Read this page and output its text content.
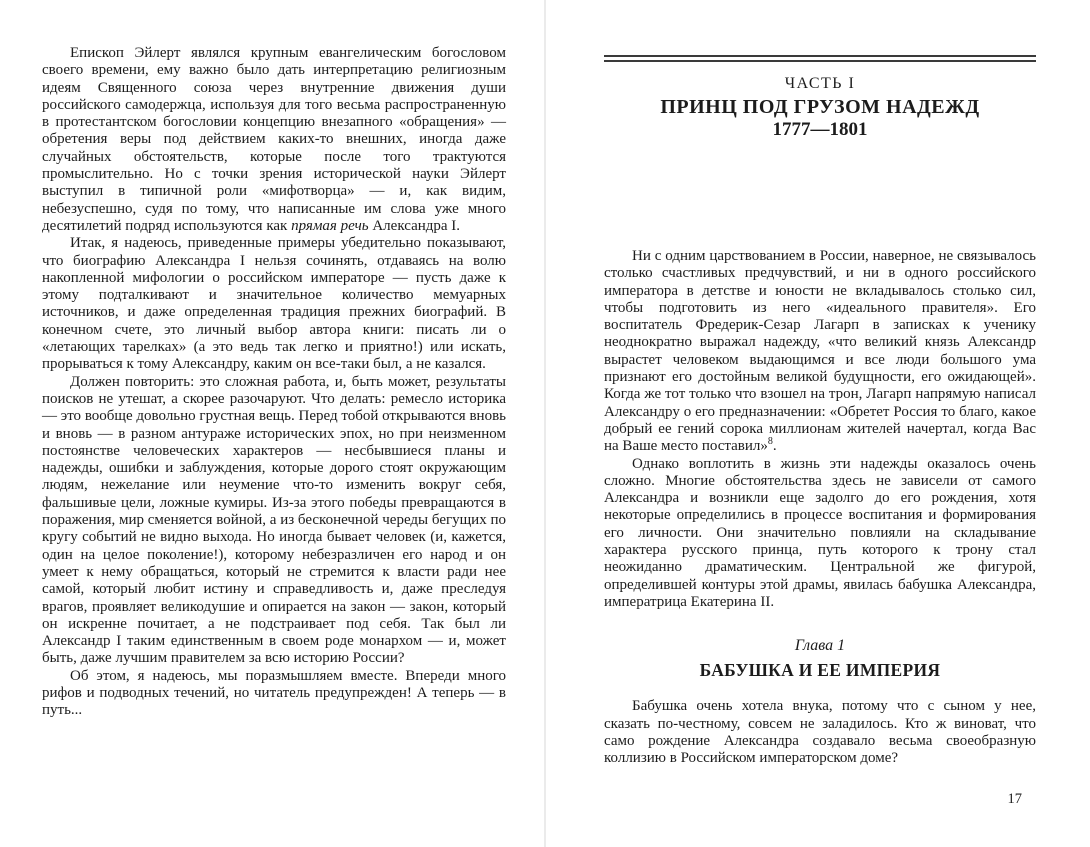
Епископ Эйлерт являлся крупным евангелическим богословом своего времени, ему важно было дать интерпретацию религиозным идеям Священного союза через внутренние движения души российского самодержца, используя для того весьма распространенную в протестантском богословии концепцию внезапного «обращения» — обретения веры под действием каких-то внешних, иногда даже случайных обстоятельств, которые после того трактуются промыслительно. Но с точки зрения исторической науки Эйлерт выступил в типичной роли «мифотворца» — и, как видим, небезуспешно, судя по тому, что написанные им слова уже много десятилетий подряд используются как прямая речь Александра I.

Итак, я надеюсь, приведенные примеры убедительно показывают, что биографию Александра I нельзя сочинять, отдаваясь на волю накопленной мифологии о российском императоре — пусть даже к этому подталкивают и значительное количество мемуарных источников, и даже определенная традиция прежних биографий. В конечном счете, это личный выбор автора книги: писать ли о «летающих тарелках» (а это ведь так легко и приятно!) или искать, прорываться к тому Александру, каким он все-таки был, а не казался.

Должен повторить: это сложная работа, и, быть может, результаты поисков не утешат, а скорее разочаруют. Что делать: ремесло историка — это вообще довольно грустная вещь. Перед тобой открываются вновь и вновь — в разном антураже исторических эпох, но при неизменном постоянстве человеческих характеров — несбывшиеся планы и надежды, ошибки и заблуждения, которые дорого стоят окружающим людям, нежелание или неумение что-то изменить вокруг себя, фальшивые цели, ложные кумиры. Из-за этого победы превращаются в поражения, мир сменяется войной, а из бесконечной череды бегущих по кругу событий не видно выхода. Но иногда бывает человек (и, кажется, один на целое поколение!), которому небезразличен его народ и он умеет к нему обращаться, который не стремится к власти ради нее самой, который любит истину и справедливость и, даже преследуя врагов, проявляет великодушие и опирается на закон — закон, который он искренне почитает, а не подстраивает под себя. Так был ли Александр I таким единственным в своем роде монархом — и, может быть, даже лучшим правителем за всю историю России?

Об этом, я надеюсь, мы поразмышляем вместе. Впереди много рифов и подводных течений, но читатель предупрежден! А теперь — в путь...

ЧАСТЬ I
ПРИНЦ ПОД ГРУЗОМ НАДЕЖД
1777—1801

Ни с одним царствованием в России, наверное, не связывалось столько счастливых предчувствий, и ни в одного российского императора в детстве и юности не вкладывалось столько сил, чтобы подготовить из него «идеального правителя». Его воспитатель Фредерик-Сезар Лагарп в записках к ученику неоднократно выражал надежду, «что великий князь Александр вырастет человеком выдающимся и все люди большого ума признают его достойным великой будущности, его ожидающей». Когда же тот только что взошел на трон, Лагарп напрямую написал Александру о его предназначении: «Обретет Россия то благо, какое добрый ее гений сорока миллионам жителей начертал, когда Вас на Ваше место поставил»$^8$.

Однако воплотить в жизнь эти надежды оказалось очень сложно. Многие обстоятельства здесь не зависели от самого Александра и возникли еще задолго до его рождения, хотя некоторые определились в процессе воспитания и формирования его личности. Они значительно повлияли на складывание характера русского принца, путь которого к трону стал неожиданно драматическим. Центральной же фигурой, определившей контуры этой драмы, явилась бабушка Александра, императрица Екатерина II.

Глава 1
БАБУШКА И ЕЕ ИМПЕРИЯ

Бабушка очень хотела внука, потому что с сыном у нее, сказать по-честному, совсем не заладилось. Кто ж виноват, что само рождение Александра создавало весьма своеобразную коллизию в Российском императорском доме?

17
